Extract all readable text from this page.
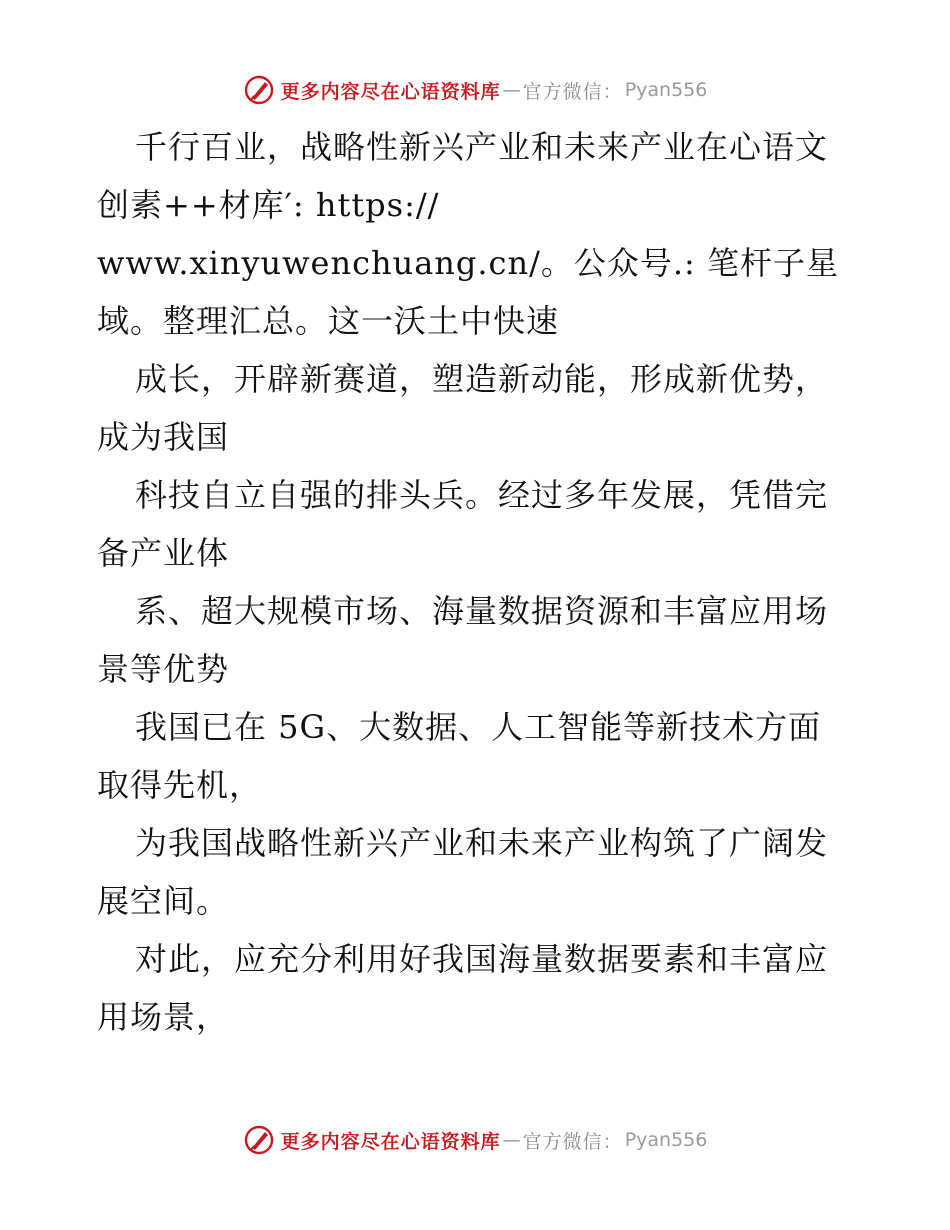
更多内容尽在心语资料库 — 官方微信： Pyan556
千行百业，战略性新兴产业和未来产业在心语文
创素++材库′: https://
www.xinyuwenchuang.cn/。公众号.: 笔杆子星
域。整理汇总。这一沃土中快速
成长，开辟新赛道，塑造新动能，形成新优势，
成为我国
科技自立自强的排头兵。经过多年发展，凭借完
备产业体
系、超大规模市场、海量数据资源和丰富应用场
景等优势
我国已在 5G、大数据、人工智能等新技术方面
取得先机，
为我国战略性新兴产业和未来产业构筑了广阔发
展空间。
对此，应充分利用好我国海量数据要素和丰富应
用场景，
更多内容尽在心语资料库 — 官方微信： Pyan556
